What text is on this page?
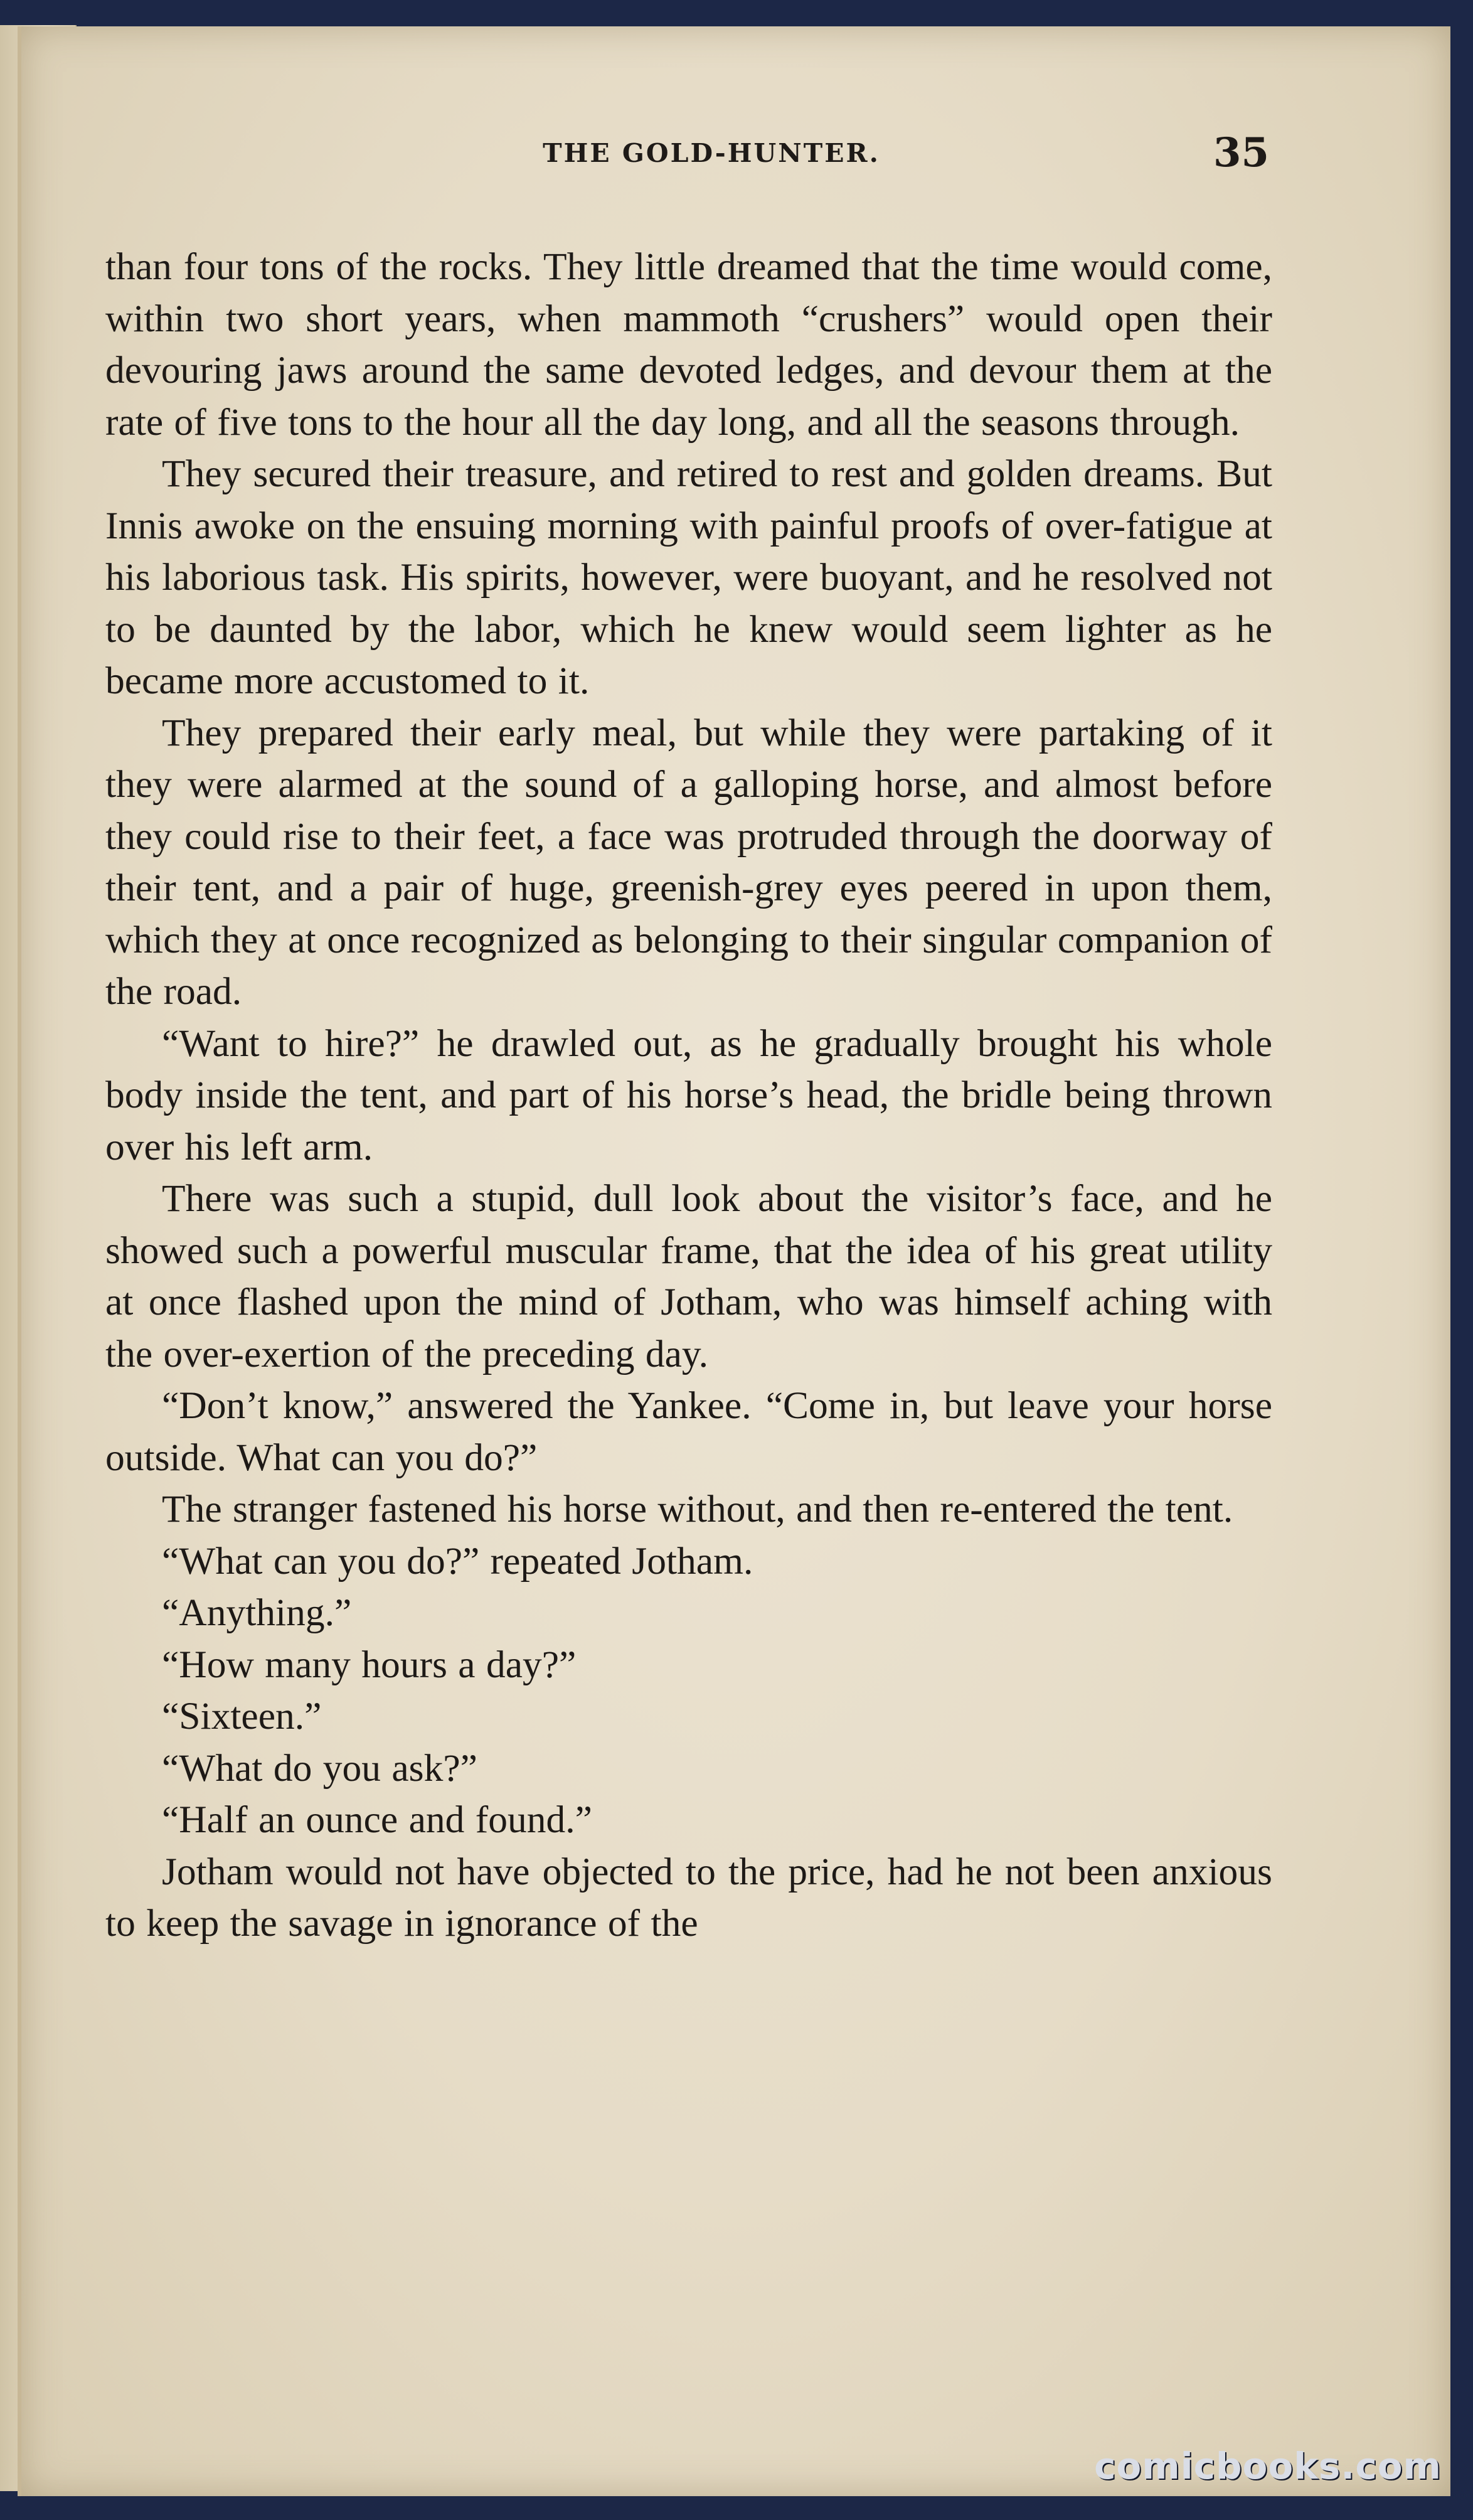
THE GOLD-HUNTER.	35

than four tons of the rocks. They little dreamed that the time would come, within two short years, when mammoth “crushers” would open their devouring jaws around the same devoted ledges, and devour them at the rate of five tons to the hour all the day long, and all the seasons through.

They secured their treasure, and retired to rest and golden dreams. But Innis awoke on the ensuing morning with painful proofs of over-fatigue at his laborious task. His spirits, however, were buoyant, and he resolved not to be daunted by the labor, which he knew would seem lighter as he became more accustomed to it.

They prepared their early meal, but while they were partaking of it they were alarmed at the sound of a galloping horse, and almost before they could rise to their feet, a face was protruded through the doorway of their tent, and a pair of huge, greenish-grey eyes peered in upon them, which they at once recognized as belonging to their singular companion of the road.

“Want to hire?” he drawled out, as he gradually brought his whole body inside the tent, and part of his horse’s head, the bridle being thrown over his left arm.

There was such a stupid, dull look about the visitor’s face, and he showed such a powerful muscular frame, that the idea of his great utility at once flashed upon the mind of Jotham, who was himself aching with the over-exertion of the preceding day.

“Don’t know,” answered the Yankee. “Come in, but leave your horse outside. What can you do?”

The stranger fastened his horse without, and then re-entered the tent.

“What can you do?” repeated Jotham.

“Anything.”

“How many hours a day?”

“Sixteen.”

“What do you ask?”

“Half an ounce and found.”

Jotham would not have objected to the price, had he not been anxious to keep the savage in ignorance of the

comicbooks.com
